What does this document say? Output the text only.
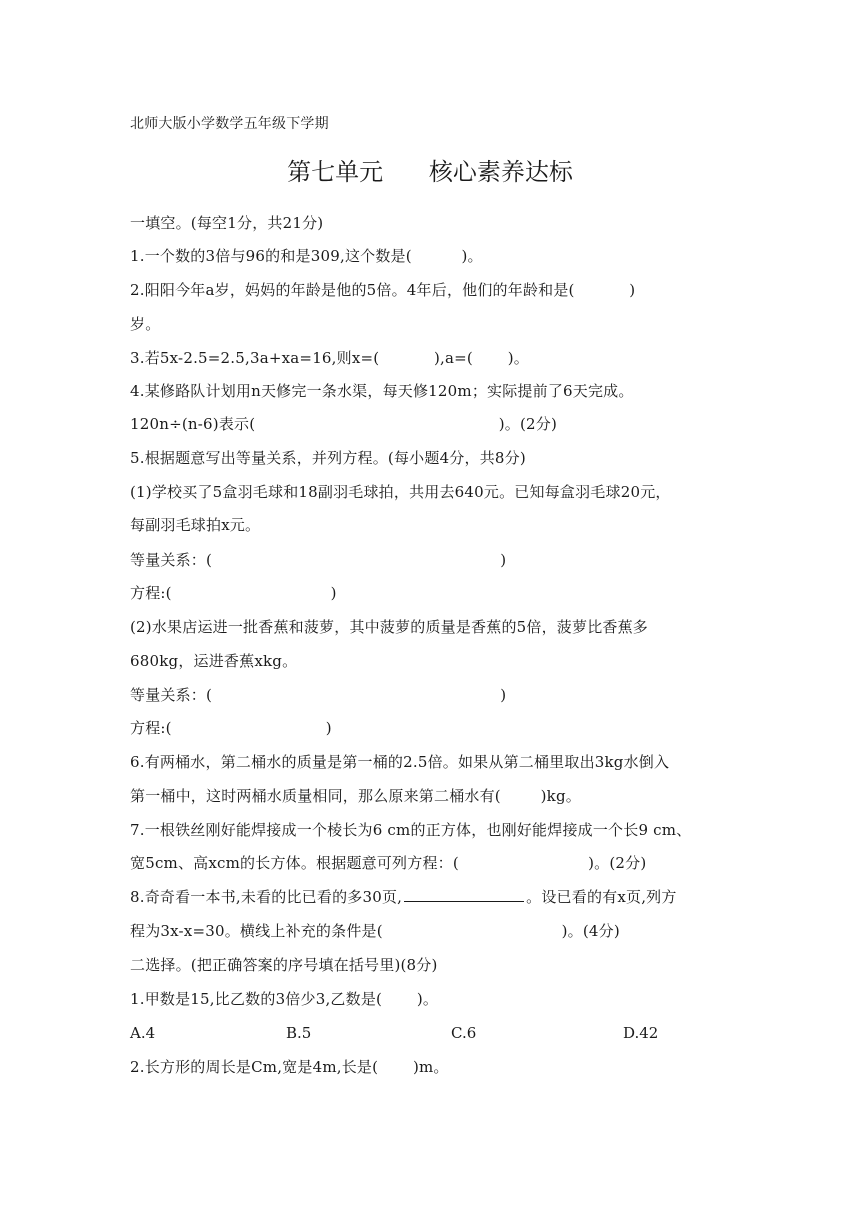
北师大版小学数学五年级下学期
第七单元      核心素养达标
一填空。(每空1分，共21分)
1.一个数的3倍与96的和是309,这个数是(          )。
2.阳阳今年a岁，妈妈的年龄是他的5倍。4年后，他们的年龄和是(           )
岁。
3.若5x-2.5=2.5,3a+xa=16,则x=(           ),a=(       )。
4.某修路队计划用n天修完一条水渠，每天修120m；实际提前了6天完成。
120n÷(n-6)表示(                                                 )。(2分)
5.根据题意写出等量关系，并列方程。(每小题4分，共8分)
(1)学校买了5盒羽毛球和18副羽毛球拍，共用去640元。已知每盒羽毛球20元，
每副羽毛球拍x元。
等量关系：(                                                          )
方程:(                                )
(2)水果店运进一批香蕉和菠萝，其中菠萝的质量是香蕉的5倍，菠萝比香蕉多
680kg，运进香蕉xkg。
等量关系：(                                                          )
方程:(                               )
6.有两桶水，第二桶水的质量是第一桶的2.5倍。如果从第二桶里取出3kg水倒入
第一桶中，这时两桶水质量相同，那么原来第二桶水有(        )kg。
7.一根铁丝刚好能焊接成一个棱长为6 cm的正方体，也刚好能焊接成一个长9 cm、
宽5cm、高xcm的长方体。根据题意可列方程：(                          )。(2分)
8.奇奇看一本书,未看的比已看的多30页,	。设已看的有x页,列方
程为3x-x=30。横线上补充的条件是(                                    )。(4分)
二选择。(把正确答案的序号填在括号里)(8分)
1.甲数是15,比乙数的3倍少3,乙数是(       )。
A.4	B.5	C.6	D.42
2.长方形的周长是Cm,宽是4m,长是(       )m。
